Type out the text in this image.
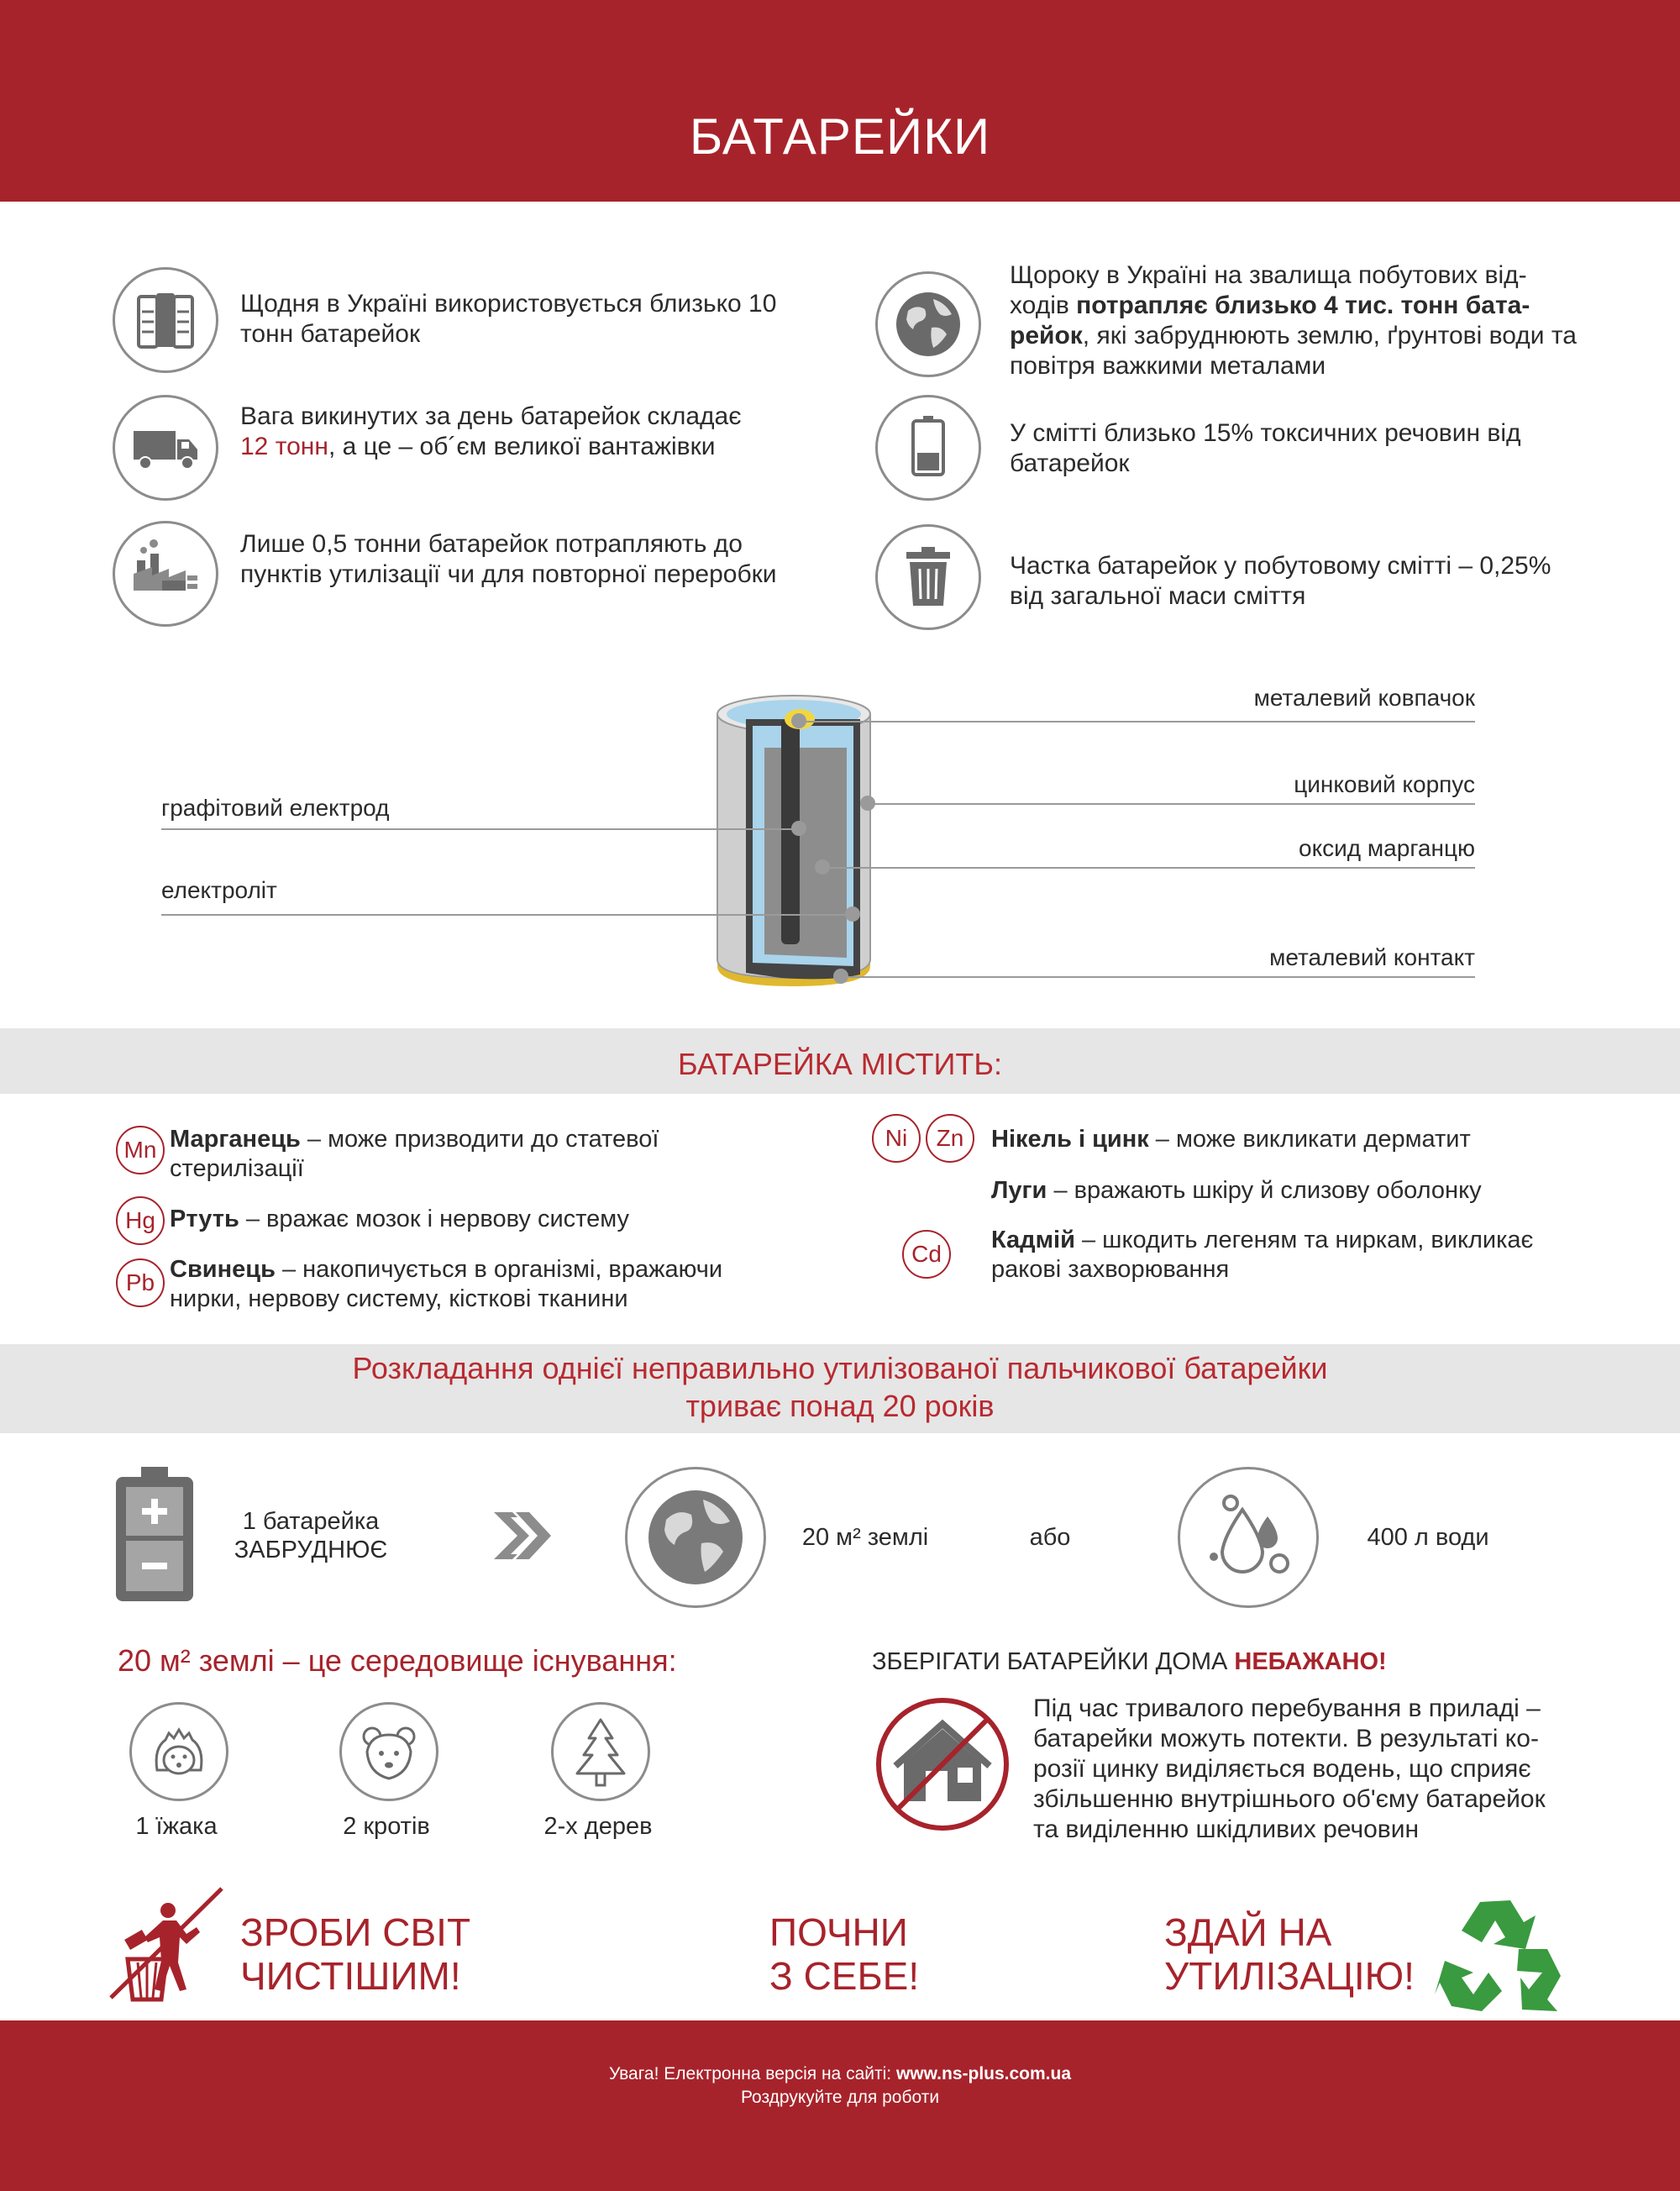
БАТАРЕЙКИ
Щодня в Україні використовується близько 10 тонн батарейок
Вага викинутих за день батарейок складає 12 тонн, а це – об´єм великої вантажівки
Лише 0,5 тонни батарейок потрапляють до пунктів утилізації чи для повторної переробки
Щороку в Україні на звалища побутових від-ходів потрапляє близько 4 тис. тонн бата-рейок, які забруднюють землю, ґрунтові води та повітря важкими металами
У смітті близько 15% токсичних речовин від батарейок
Частка батарейок у побутовому смітті – 0,25% від загальної маси сміття
металевий ковпачок
цинковий корпус
оксид марганцю
металевий контакт
графітовий електрод
електроліт
БАТАРЕЙКА МІСТИТЬ:
Mn Марганець – може призводити до статевої стерилізації
Hg Ртуть – вражає мозок і нервову систему
Pb Свинець – накопичується в організмі, вражаючи нирки, нервову систему, кісткові тканини
Ni	Zn	Нікель і цинк – може викликати дерматит
Луги – вражають шкіру й слизову оболонку
Cd
Кадмій – шкодить легеням та ниркам, викликає ракові захворювання
Розкладання однієї неправильно утилізованої пальчикової батарейки
триває понад 20 років
1 батарейка
ЗАБРУДНЮЄ	20 м² землі	або	400 л води
20 м² землі – це середовище існування:
1 їжака	2 кротів	2-х дерев
ЗБЕРІГАТИ БАТАРЕЙКИ ДОМА НЕБАЖАНО!
Під час тривалого перебування в приладі – батарейки можуть потекти. В результаті ко-розії цинку виділяється водень, що сприяє збільшенню внутрішнього об'єму батарейок та виділенню шкідливих речовин
ЗРОБИ СВІТ
ЧИСТІШИМ!
ПОЧНИ
З СЕБЕ!
ЗДАЙ НА
УТИЛІЗАЦІЮ!
Увага! Електронна версія на сайті: www.ns-plus.com.ua
Роздрукуйте для роботи
